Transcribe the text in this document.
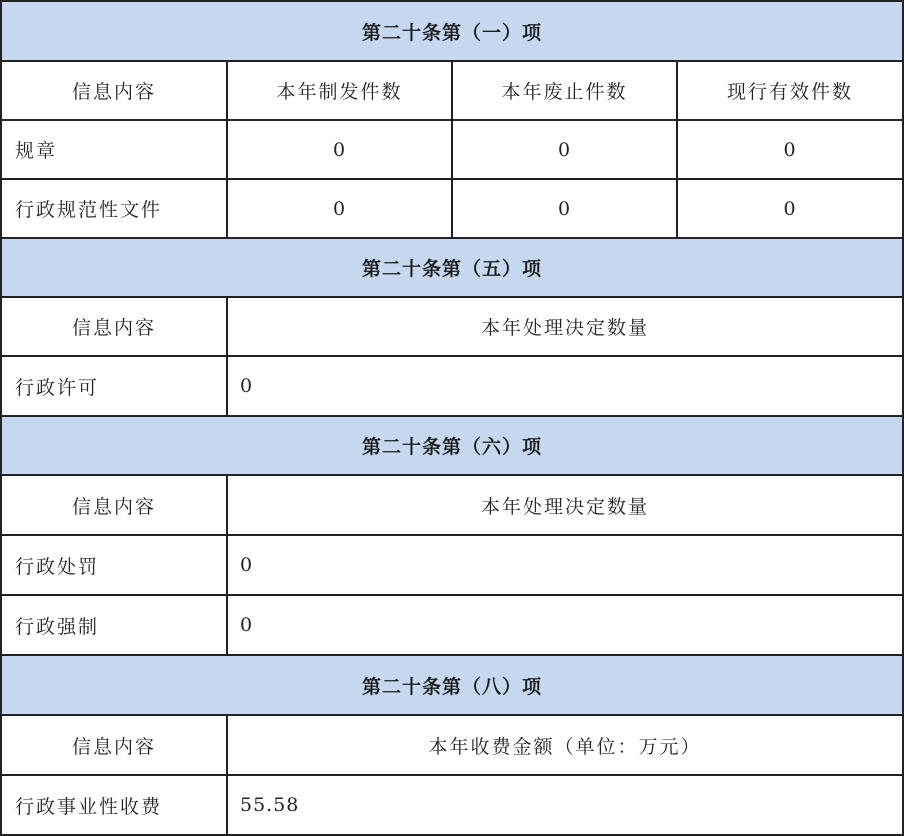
第二十条第（一）项
信息内容	本年制发件数	本年废止件数	现行有效件数
规章	0	0	0
行政规范性文件	0	0	0
第二十条第（五）项
信息内容	本年处理决定数量
行政许可	0
第二十条第（六）项
信息内容	本年处理决定数量
行政处罚	0
行政强制	0
第二十条第（八）项
信息内容	本年收费金额（单位：万元）
行政事业性收费	55.58
